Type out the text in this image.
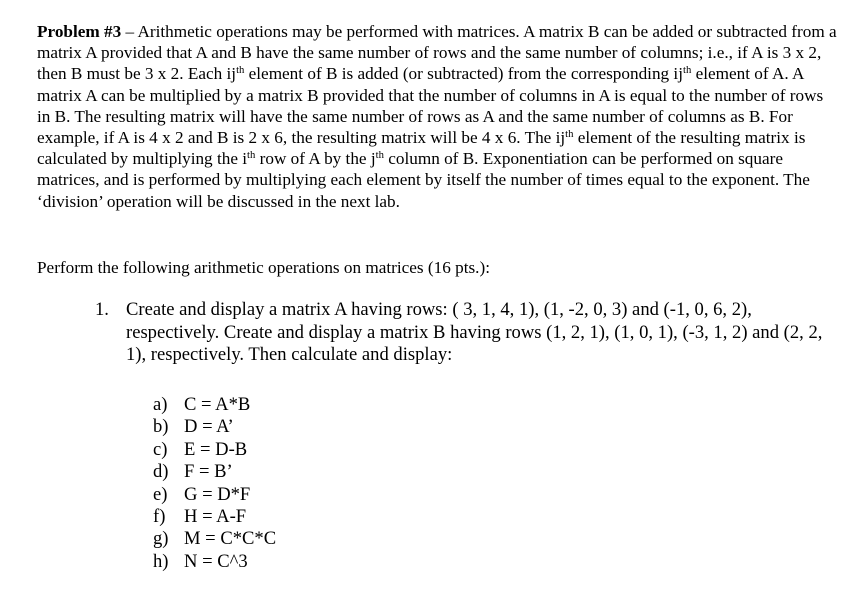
Problem #3 – Arithmetic operations may be performed with matrices. A matrix B can be added or subtracted from a matrix A provided that A and B have the same number of rows and the same number of columns; i.e., if A is 3 x 2, then B must be 3 x 2. Each $ij^{th}$ element of B is added (or subtracted) from the corresponding $ij^{th}$ element of A. A matrix A can be multiplied by a matrix B provided that the number of columns in A is equal to the number of rows in B. The resulting matrix will have the same number of rows as A and the same number of columns as B. For example, if A is 4 x 2 and B is 2 x 6, the resulting matrix will be 4 x 6. The $ij^{th}$ element of the resulting matrix is calculated by multiplying the $i^{th}$ row of A by the $j^{th}$ column of B. Exponentiation can be performed on square matrices, and is performed by multiplying each element by itself the number of times equal to the exponent. The ‘division’ operation will be discussed in the next lab.
Perform the following arithmetic operations on matrices (16 pts.):
1. Create and display a matrix A having rows: ( 3, 1, 4, 1), (1, -2, 0, 3) and (-1, 0, 6, 2), respectively. Create and display a matrix B having rows (1, 2, 1), (1, 0, 1), (-3, 1, 2) and (2, 2, 1), respectively. Then calculate and display:
a) C = A*B
b) D = A’
c) E = D-B
d) F = B’
e) G = D*F
f)	H = A-F
g) M = C*C*C
h) N = C^3
